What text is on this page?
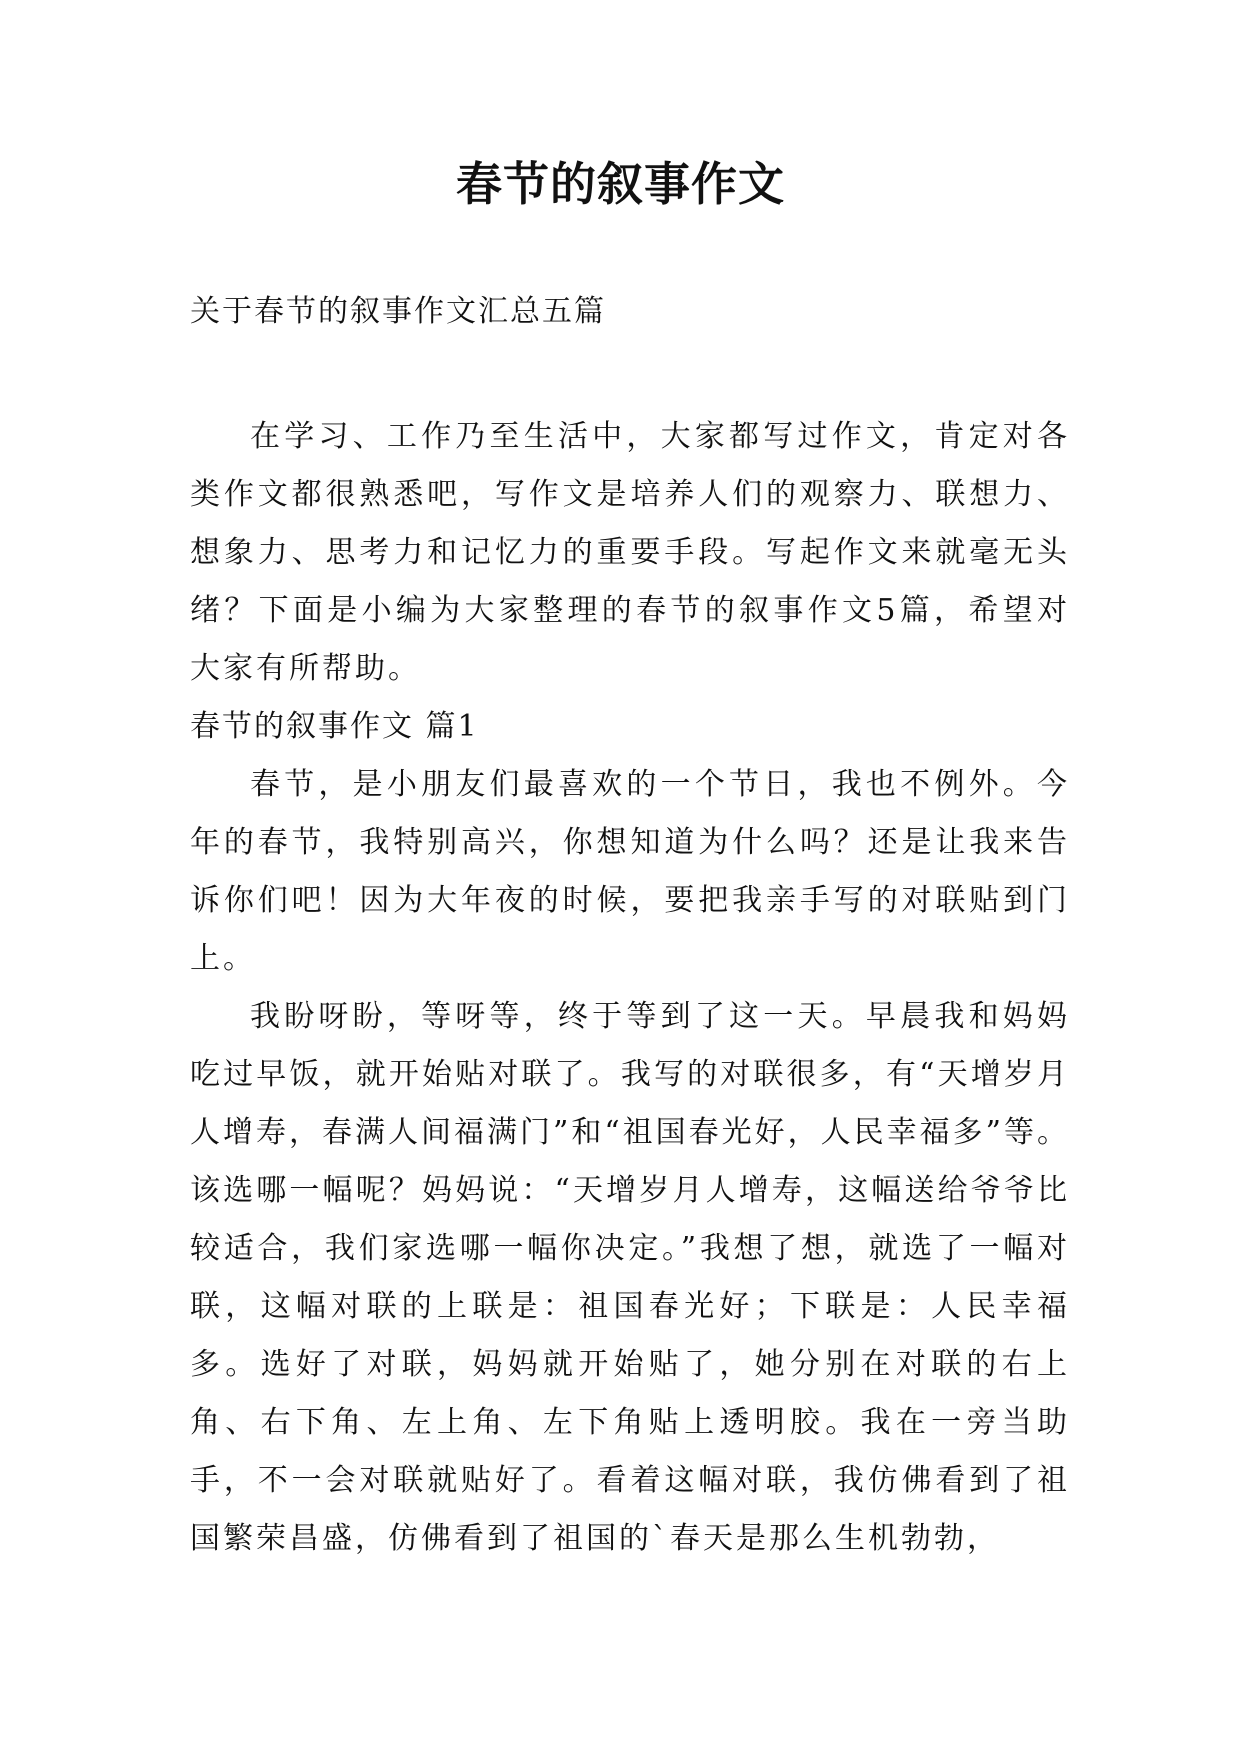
春节的叙事作文

关于春节的叙事作文汇总五篇

在学习、工作乃至生活中，大家都写过作文，肯定对各类作文都很熟悉吧，写作文是培养人们的观察力、联想力、想象力、思考力和记忆力的重要手段。写起作文来就毫无头绪？下面是小编为大家整理的春节的叙事作文5篇，希望对大家有所帮助。

春节的叙事作文 篇1

春节，是小朋友们最喜欢的一个节日，我也不例外。今年的春节，我特别高兴，你想知道为什么吗？还是让我来告诉你们吧！因为大年夜的时候，要把我亲手写的对联贴到门上。

我盼呀盼，等呀等，终于等到了这一天。早晨我和妈妈吃过早饭，就开始贴对联了。我写的对联很多，有“天增岁月人增寿，春满人间福满门”和“祖国春光好，人民幸福多”等。该选哪一幅呢？妈妈说：“天增岁月人增寿，这幅送给爷爷比较适合，我们家选哪一幅你决定。”我想了想，就选了一幅对联，这幅对联的上联是：祖国春光好；下联是：人民幸福多。选好了对联，妈妈就开始贴了，她分别在对联的右上角、右下角、左上角、左下角贴上透明胶。我在一旁当助手，不一会对联就贴好了。看着这幅对联，我仿佛看到了祖国繁荣昌盛，仿佛看到了祖国的`春天是那么生机勃勃，
